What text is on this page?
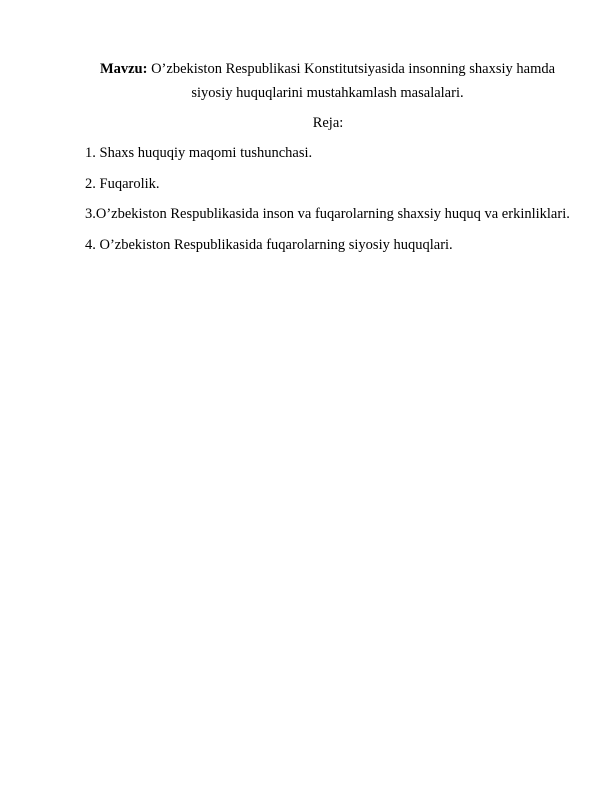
Mavzu: O’zbekiston Respublikasi Konstitutsiyasida insonning shaxsiy hamda siyosiy huquqlarini mustahkamlash masalalari.
Reja:
1. Shaxs huquqiy maqomi tushunchasi.
2. Fuqarolik.
3.O’zbekiston Respublikasida inson va fuqarolarning shaxsiy huquq va erkinliklari.
4. O’zbekiston Respublikasida fuqarolarning siyosiy huquqlari.
